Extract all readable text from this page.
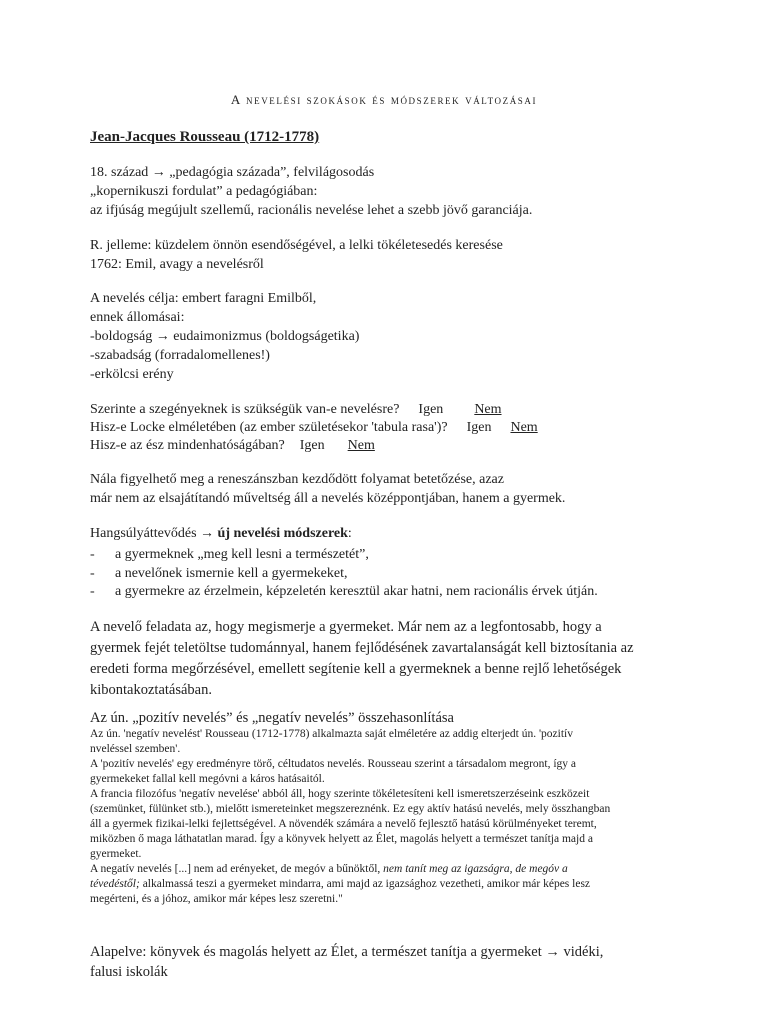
A nevelési szokások és módszerek változásai
Jean-Jacques Rousseau (1712-1778)
18. század → „pedagógia százada”, felvilágosodás
„kopernikuszi fordulat” a pedagógiában:
az ifjúság megújult szellemű, racionális nevelése lehet a szebb jövő garanciája.
R. jelleme: küzdelem önnön esendőségével, a lelki tökéletesedés keresése
1762: Emil, avagy a nevelésről
A nevelés célja: embert faragni Emilből,
ennek állomásai:
-boldogság → eudaimonizmus (boldogságetika)
-szabadság (forradalomellenes!)
-erkölcsi erény
Szerinte a szegényeknek is szükségük van-e nevelésre? Igen Nem
Hisz-e Locke elméletében (az ember születésekor 'tabula rasa')? Igen Nem
Hisz-e az ész mindenhatóságában? Igen Nem
Nála figyelhető meg a reneszánszban kezdődött folyamat betetőzése, azaz
már nem az elsajátítandó műveltség áll a nevelés középpontjában, hanem a gyermek.
Hangsúlyáttevődés → új nevelési módszerek:
- a gyermeknek „meg kell lesni a természetét”,
- a nevelőnek ismernie kell a gyermekeket,
- a gyermekre az érzelmein, képzeletén keresztül akar hatni, nem racionális érvek útján.
A nevelő feladata az, hogy megismerje a gyermeket. Már nem az a legfontosabb, hogy a
gyermek fejét teletöltse tudománnyal, hanem fejlődésének zavartalanságát kell biztosítania az
eredeti forma megőrzésével, emellett segítenie kell a gyermeknek a benne rejlő lehetőségek
kibontakoztatásában.
Az ún. „pozitív nevelés” és „negatív nevelés” összehasonlítása
Az ún. 'negatív nevelést' Rousseau (1712-1778) alkalmazta saját elméletére az addig elterjedt ún. 'pozitív
nveléssel szemben'.
A 'pozitív nevelés' egy eredményre törő, céltudatos nevelés. Rousseau szerint a társadalom megront, így a
gyermekeket fallal kell megóvni a káros hatásaitól.
A francia filozófus 'negatív nevelése' abból áll, hogy szerinte tökéletesíteni kell ismeretszerzéseink eszközeit
(szemünket, fülünket stb.), mielőtt ismereteinket megszereznénk. Ez egy aktív hatású nevelés, mely összhangban
áll a gyermek fizikai-lelki fejlettségével. A növendék számára a nevelő fejlesztő hatású körülményeket teremt,
miközben ő maga láthatatlan marad. Így a könyvek helyett az Élet, magolás helyett a természet tanítja majd a
gyermeket.
A negatív nevelés [...] nem ad erényeket, de megóv a bűnöktől, nem tanít meg az igazságra, de megóv a
tévedéstől; alkalmassá teszi a gyermeket mindarra, ami majd az igazsághoz vezetheti, amikor már képes lesz
megérteni, és a jóhoz, amikor már képes lesz szeretni."
Alapelve: könyvek és magolás helyett az Élet, a természet tanítja a gyermeket → vidéki,
falusi iskolák
